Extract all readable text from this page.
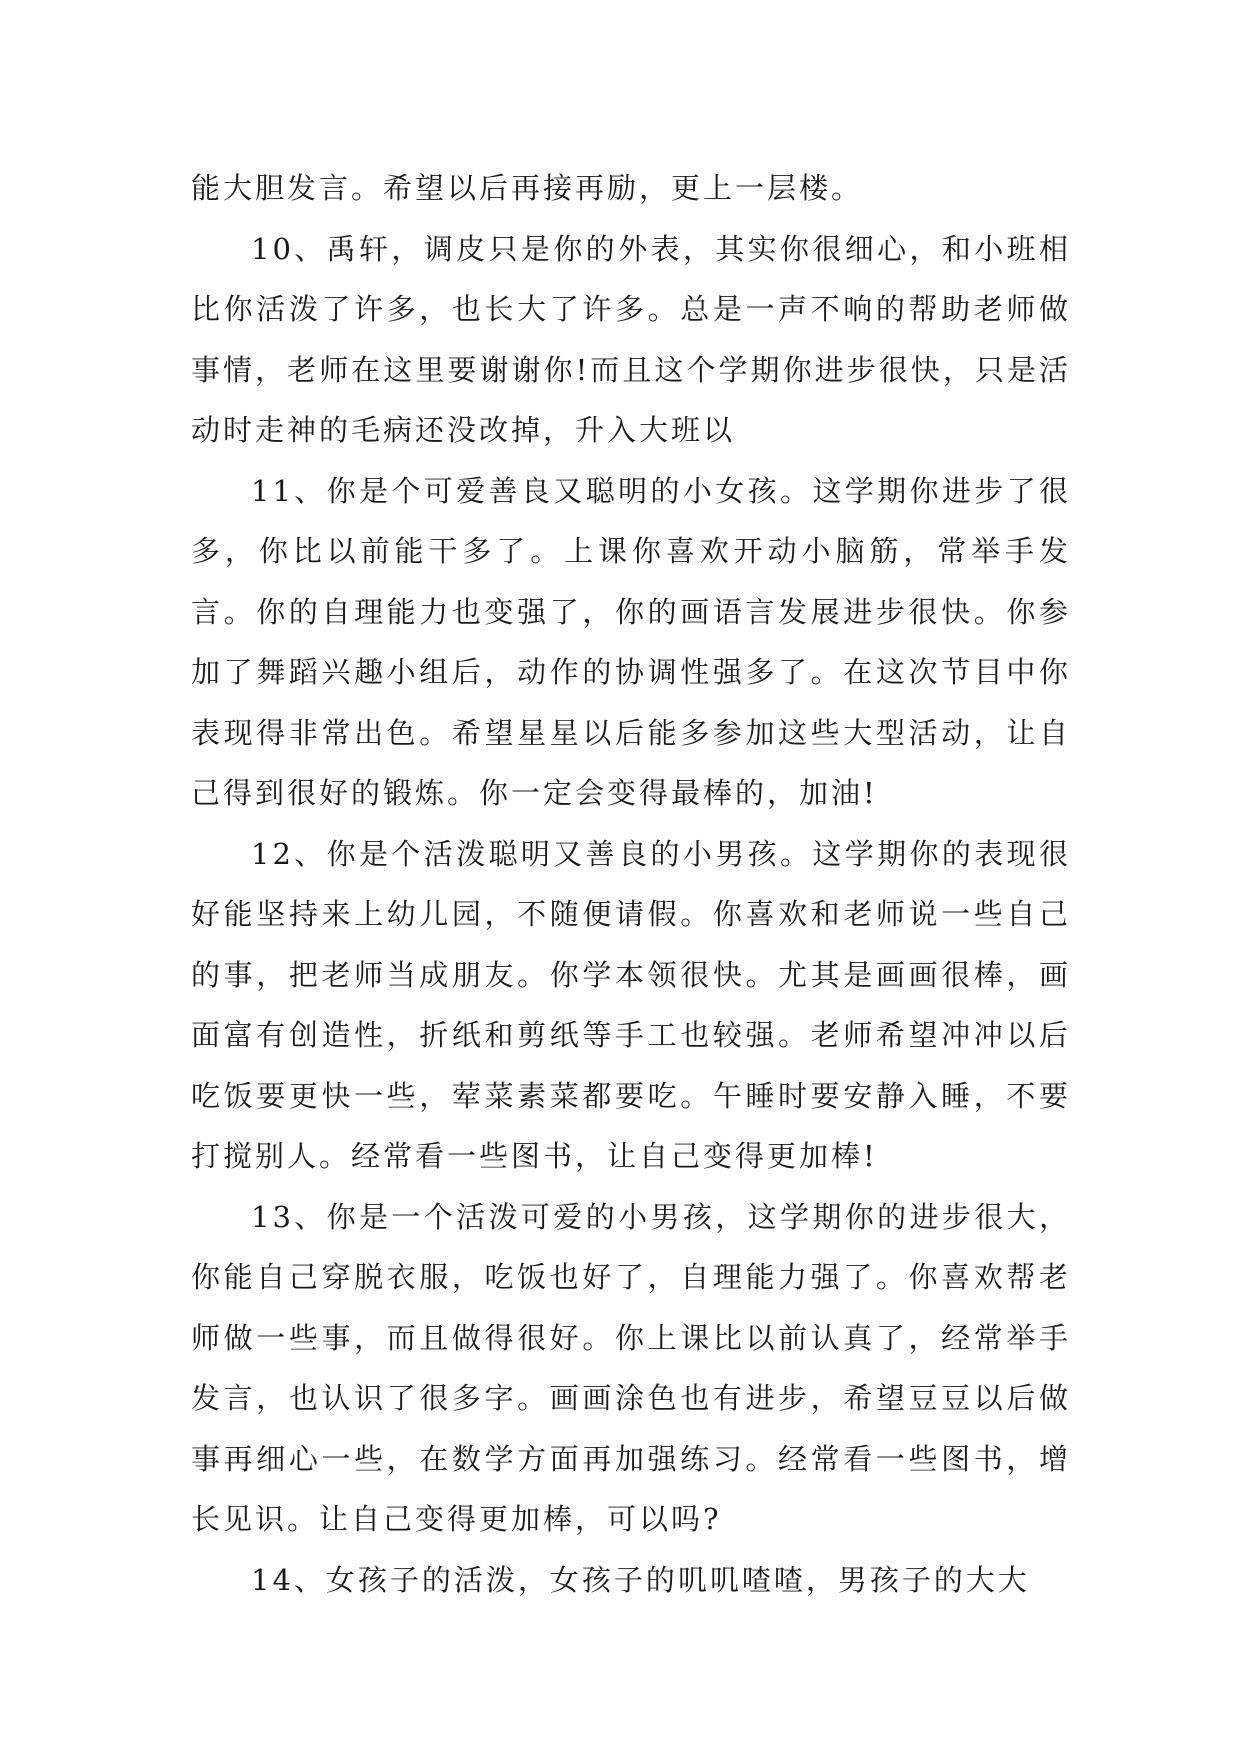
能大胆发言。希望以后再接再励，更上一层楼。

10、禹轩，调皮只是你的外表，其实你很细心，和小班相比你活泼了许多，也长大了许多。总是一声不响的帮助老师做事情，老师在这里要谢谢你!而且这个学期你进步很快，只是活动时走神的毛病还没改掉，升入大班以

11、你是个可爱善良又聪明的小女孩。这学期你进步了很多，你比以前能干多了。上课你喜欢开动小脑筋，常举手发言。你的自理能力也变强了，你的画语言发展进步很快。你参加了舞蹈兴趣小组后，动作的协调性强多了。在这次节目中你表现得非常出色。希望星星以后能多参加这些大型活动，让自己得到很好的锻炼。你一定会变得最棒的，加油!

12、你是个活泼聪明又善良的小男孩。这学期你的表现很好能坚持来上幼儿园，不随便请假。你喜欢和老师说一些自己的事，把老师当成朋友。你学本领很快。尤其是画画很棒，画面富有创造性，折纸和剪纸等手工也较强。老师希望冲冲以后吃饭要更快一些，荤菜素菜都要吃。午睡时要安静入睡，不要打搅别人。经常看一些图书，让自己变得更加棒!

13、你是一个活泼可爱的小男孩，这学期你的进步很大，你能自己穿脱衣服，吃饭也好了，自理能力强了。你喜欢帮老师做一些事，而且做得很好。你上课比以前认真了，经常举手发言，也认识了很多字。画画涂色也有进步，希望豆豆以后做事再细心一些，在数学方面再加强练习。经常看一些图书，增长见识。让自己变得更加棒，可以吗?

14、女孩子的活泼，女孩子的叽叽喳喳，男孩子的大大
